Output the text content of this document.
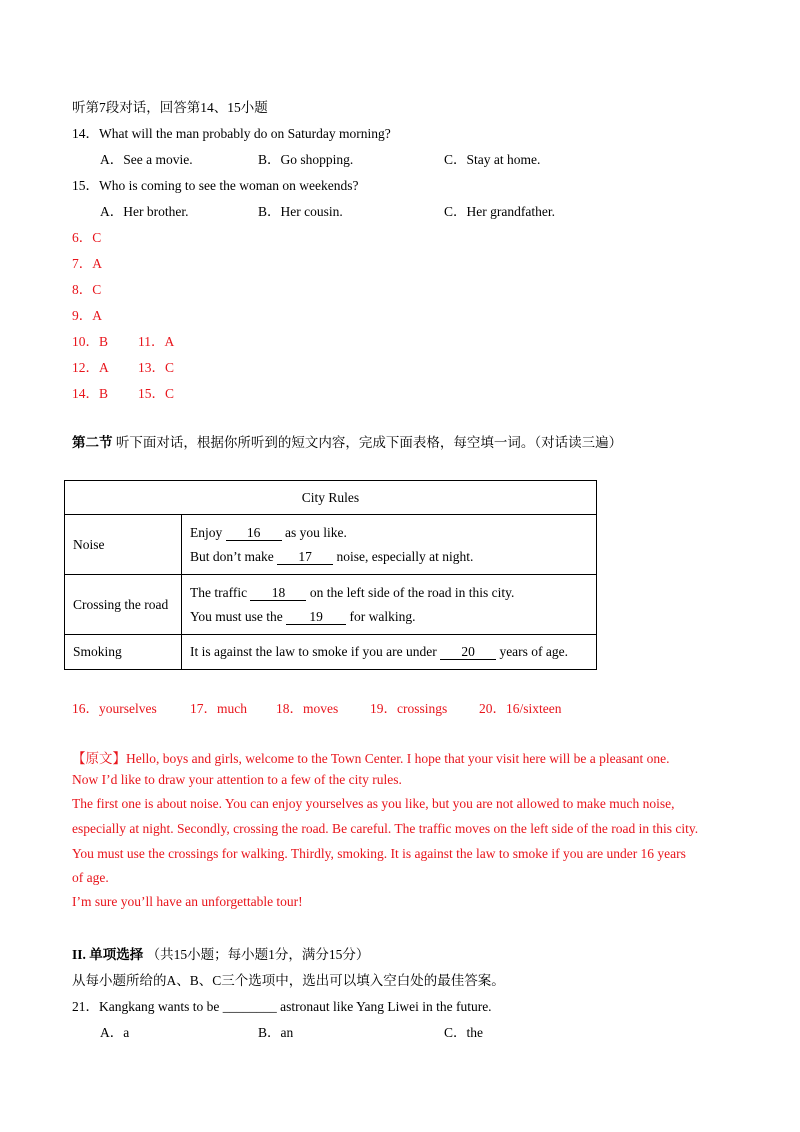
听第7段对话，回答第14、15小题
14．What will the man probably do on Saturday morning?
A．See a movie.	B．Go shopping.	C．Stay at home.
15．Who is coming to see the woman on weekends?
A．Her brother.	B．Her cousin.	C．Her grandfather.
6．C
7．A
8．C
9．A
10．B 11．A
12．A 13．C
14．B 15．C
第二节 听下面对话，根据你所听到的短文内容，完成下面表格，每空填一词。（对话读三遍）
City Rules	
Noise	Enjoy 16 as you like.
But don’t make 17 noise, especially at night.

Crossing the road	The traffic 18 on the left side of the road in this city.
You must use the 19 for walking.

Smoking	It is against the law to smoke if you are under 20 years of age.
16．yourselves 17．much 18．moves 19．crossings 20．16/sixteen
【原文】Hello, boys and girls, welcome to the Town Center. I hope that your visit here will be a pleasant one.
Now I’d like to draw your attention to a few of the city rules.
The first one is about noise. You can enjoy yourselves as you like, but you are not allowed to make much noise,
especially at night. Secondly, crossing the road. Be careful. The traffic moves on the left side of the road in this city.
You must use the crossings for walking. Thirdly, smoking. It is against the law to smoke if you are under 16 years
of age.
I’m sure you’ll have an unforgettable tour!
II. 单项选择 （共15小题；每小题1分，满分15分）
从每小题所给的A、B、C三个选项中，选出可以填入空白处的最佳答案。
21．Kangkang wants to be ________ astronaut like Yang Liwei in the future.
A．a	B．an	C．the
